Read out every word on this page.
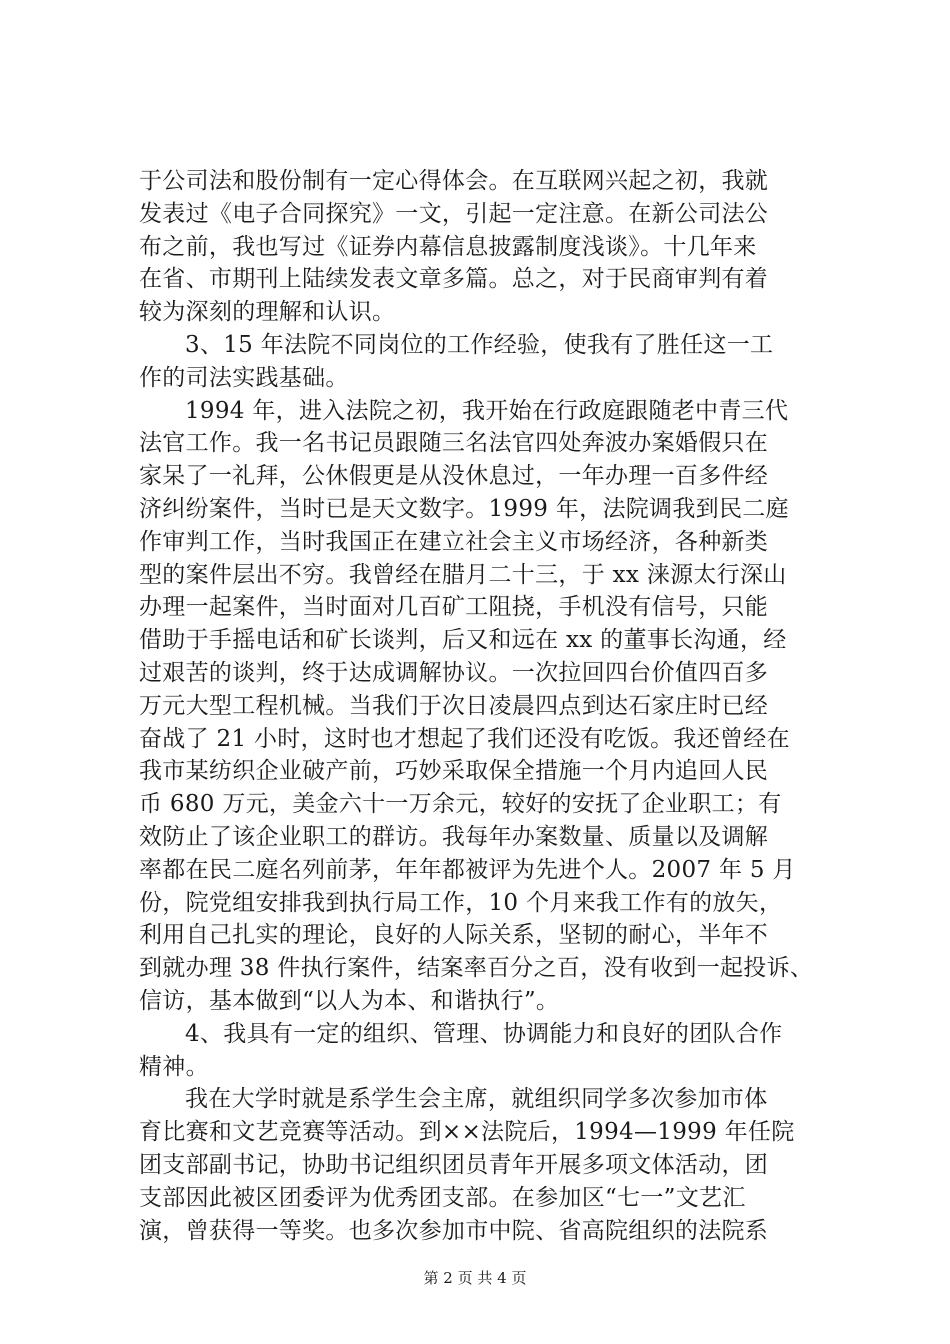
于公司法和股份制有一定心得体会。在互联网兴起之初，我就
发表过《电子合同探究》一文，引起一定注意。在新公司法公
布之前，我也写过《证券内幕信息披露制度浅谈》。十几年来
在省、市期刊上陆续发表文章多篇。总之，对于民商审判有着
较为深刻的理解和认识。
3、15 年法院不同岗位的工作经验，使我有了胜任这一工
作的司法实践基础。
1994 年，进入法院之初，我开始在行政庭跟随老中青三代
法官工作。我一名书记员跟随三名法官四处奔波办案婚假只在
家呆了一礼拜，公休假更是从没休息过，一年办理一百多件经
济纠纷案件，当时已是天文数字。1999 年，法院调我到民二庭
作审判工作，当时我国正在建立社会主义市场经济，各种新类
型的案件层出不穷。我曾经在腊月二十三，于 xx 涞源太行深山
办理一起案件，当时面对几百矿工阻挠，手机没有信号，只能
借助于手摇电话和矿长谈判，后又和远在 xx 的董事长沟通，经
过艰苦的谈判，终于达成调解协议。一次拉回四台价值四百多
万元大型工程机械。当我们于次日凌晨四点到达石家庄时已经
奋战了 21 小时，这时也才想起了我们还没有吃饭。我还曾经在
我市某纺织企业破产前，巧妙采取保全措施一个月内追回人民
币 680 万元，美金六十一万余元，较好的安抚了企业职工；有
效防止了该企业职工的群访。我每年办案数量、质量以及调解
率都在民二庭名列前茅，年年都被评为先进个人。2007 年 5 月
份，院党组安排我到执行局工作，10 个月来我工作有的放矢，
利用自己扎实的理论，良好的人际关系，坚韧的耐心，半年不
到就办理 38 件执行案件，结案率百分之百，没有收到一起投诉、
信访，基本做到“以人为本、和谐执行”。
4、我具有一定的组织、管理、协调能力和良好的团队合作
精神。
我在大学时就是系学生会主席，就组织同学多次参加市体
育比赛和文艺竞赛等活动。到××法院后，1994—1999 年任院
团支部副书记，协助书记组织团员青年开展多项文体活动，团
支部因此被区团委评为优秀团支部。在参加区“七一”文艺汇
演，曾获得一等奖。也多次参加市中院、省高院组织的法院系
第 2 页 共 4 页
